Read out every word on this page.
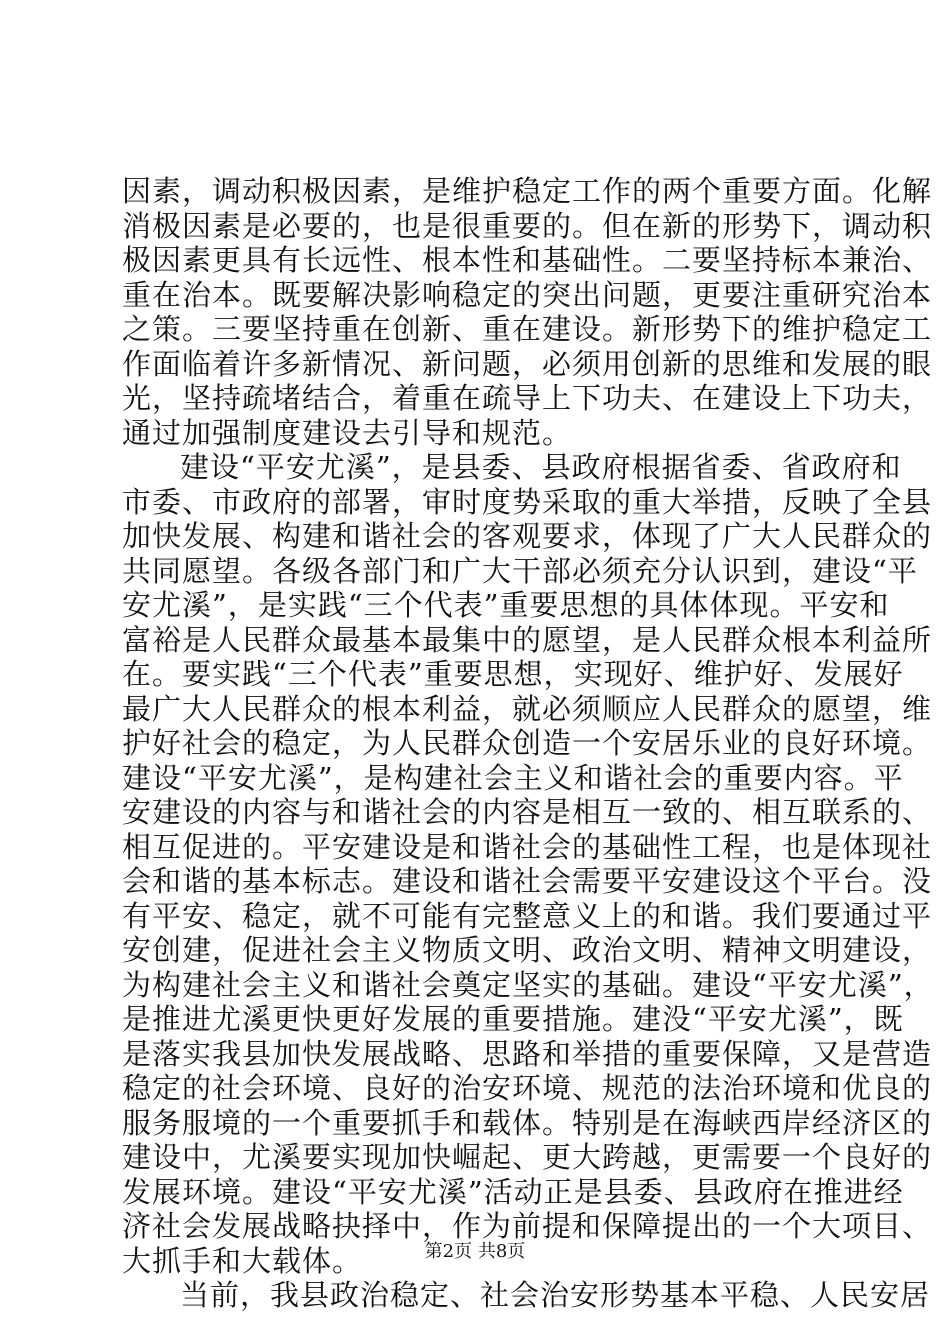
因素，调动积极因素，是维护稳定工作的两个重要方面。化解
消极因素是必要的，也是很重要的。但在新的形势下，调动积
极因素更具有长远性、根本性和基础性。二要坚持标本兼治、
重在治本。既要解决影响稳定的突出问题，更要注重研究治本
之策。三要坚持重在创新、重在建设。新形势下的维护稳定工
作面临着许多新情况、新问题，必须用创新的思维和发展的眼
光，坚持疏堵结合，着重在疏导上下功夫、在建设上下功夫，
通过加强制度建设去引导和规范。
建设“平安尤溪”，是县委、县政府根据省委、省政府和
市委、市政府的部署，审时度势采取的重大举措，反映了全县
加快发展、构建和谐社会的客观要求，体现了广大人民群众的
共同愿望。各级各部门和广大干部必须充分认识到，建设“平
安尤溪”，是实践“三个代表”重要思想的具体体现。平安和
富裕是人民群众最基本最集中的愿望，是人民群众根本利益所
在。要实践“三个代表”重要思想，实现好、维护好、发展好
最广大人民群众的根本利益，就必须顺应人民群众的愿望，维
护好社会的稳定，为人民群众创造一个安居乐业的良好环境。
建设“平安尤溪”，是构建社会主义和谐社会的重要内容。平
安建设的内容与和谐社会的内容是相互一致的、相互联系的、
相互促进的。平安建设是和谐社会的基础性工程，也是体现社
会和谐的基本标志。建设和谐社会需要平安建设这个平台。没
有平安、稳定，就不可能有完整意义上的和谐。我们要通过平
安创建，促进社会主义物质文明、政治文明、精神文明建设，
为构建社会主义和谐社会奠定坚实的基础。建设“平安尤溪”，
是推进尤溪更快更好发展的重要措施。建没“平安尤溪”，既
是落实我县加快发展战略、思路和举措的重要保障，又是营造
稳定的社会环境、良好的治安环境、规范的法治环境和优良的
服务服境的一个重要抓手和载体。特别是在海峡西岸经济区的
建设中，尤溪要实现加快崛起、更大跨越，更需要一个良好的
发展环境。建设“平安尤溪”活动正是县委、县政府在推进经
济社会发展战略抉择中，作为前提和保障提出的一个大项目、
大抓手和大载体。
当前，我县政治稳定、社会治安形势基本平稳、人民安居
第2页 共8页
